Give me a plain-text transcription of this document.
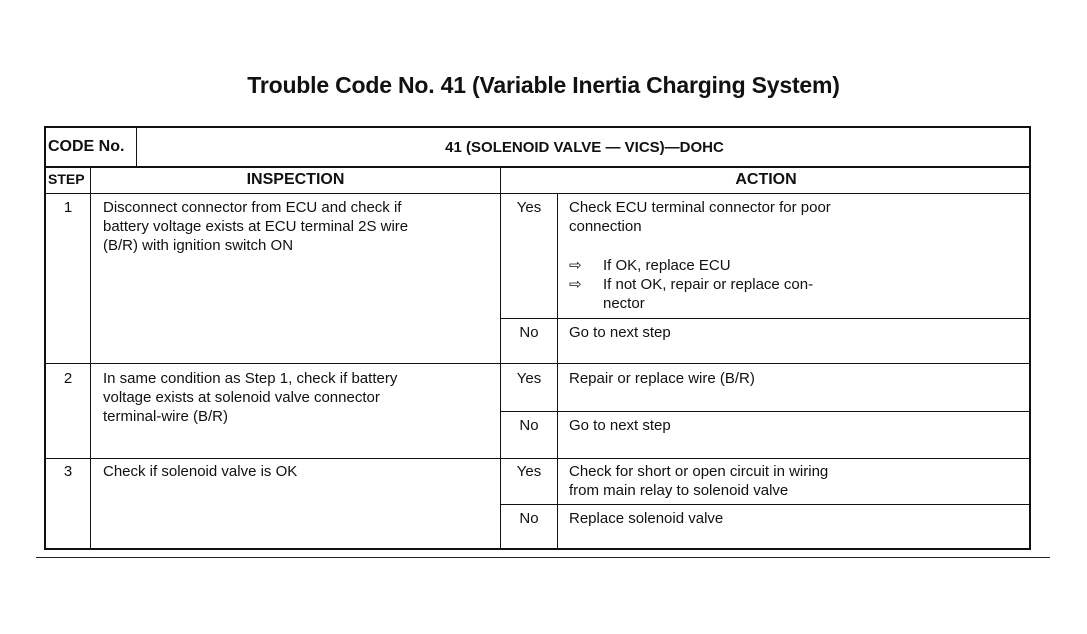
Trouble Code No. 41 (Variable Inertia Charging System)
CODE No.	41 (SOLENOID VALVE — VICS)—DOHC
STEP	INSPECTION	ACTION
1	Disconnect connector from ECU and check if
battery voltage exists at ECU terminal 2S wire
(B/R) with ignition switch ON
Yes	Check ECU terminal connector for poor
connection
⇨ If OK, replace ECU
⇨ If not OK, repair or replace con-
nector
No	Go to next step
2	In same condition as Step 1, check if battery
voltage exists at solenoid valve connector
terminal-wire (B/R)
Yes	Repair or replace wire (B/R)
No	Go to next step
3	Check if solenoid valve is OK	Yes	Check for short or open circuit in wiring
from main relay to solenoid valve
No	Replace solenoid valve
